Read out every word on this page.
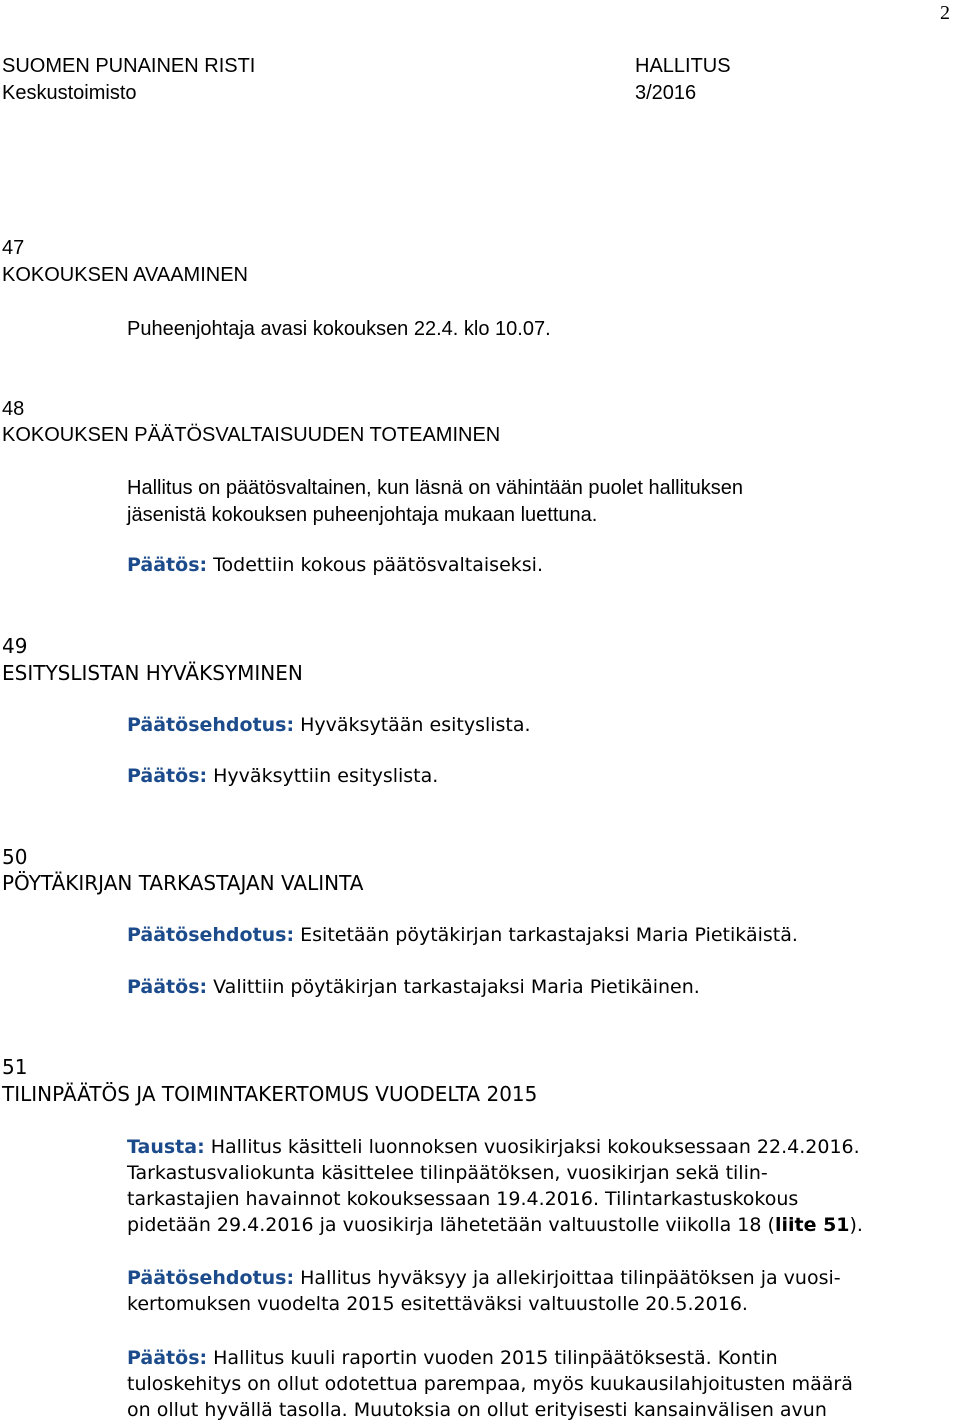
2
SUOMEN PUNAINEN RISTI
Keskustoimisto
HALLITUS
3/2016
47
KOKOUKSEN AVAAMINEN
Puheenjohtaja avasi kokouksen 22.4. klo 10.07.
48
KOKOUKSEN PÄÄTÖSVALTAISUUDEN TOTEAMINEN
Hallitus on päätösvaltainen, kun läsnä on vähintään puolet hallituksen
jäsenistä kokouksen puheenjohtaja mukaan luettuna.
Päätös: Todettiin kokous päätösvaltaiseksi.
49
ESITYSLISTAN HYVÄKSYMINEN
Päätösehdotus: Hyväksytään esityslista.
Päätös: Hyväksyttiin esityslista.
50
PÖYTÄKIRJAN TARKASTAJAN VALINTA
Päätösehdotus: Esitetään pöytäkirjan tarkastajaksi Maria Pietikäistä.
Päätös: Valittiin pöytäkirjan tarkastajaksi Maria Pietikäinen.
51
TILINPÄÄTÖS JA TOIMINTAKERTOMUS VUODELTA 2015
Tausta: Hallitus käsitteli luonnoksen vuosikirjaksi kokouksessaan 22.4.2016.
Tarkastusvaliokunta käsittelee tilinpäätöksen, vuosikirjan sekä tilin-
tarkastajien havainnot kokouksessaan 19.4.2016. Tilintarkastuskokous
pidetään 29.4.2016 ja vuosikirja lähetetään valtuustolle viikolla 18 (liite 51).
Päätösehdotus: Hallitus hyväksyy ja allekirjoittaa tilinpäätöksen ja vuosi-
kertomuksen vuodelta 2015 esitettäväksi valtuustolle 20.5.2016.
Päätös: Hallitus kuuli raportin vuoden 2015 tilinpäätöksestä. Kontin
tuloskehitys on ollut odotettua parempaa, myös kuukausilahjoitusten määrä
on ollut hyvällä tasolla. Muutoksia on ollut erityisesti kansainvälisen avun
